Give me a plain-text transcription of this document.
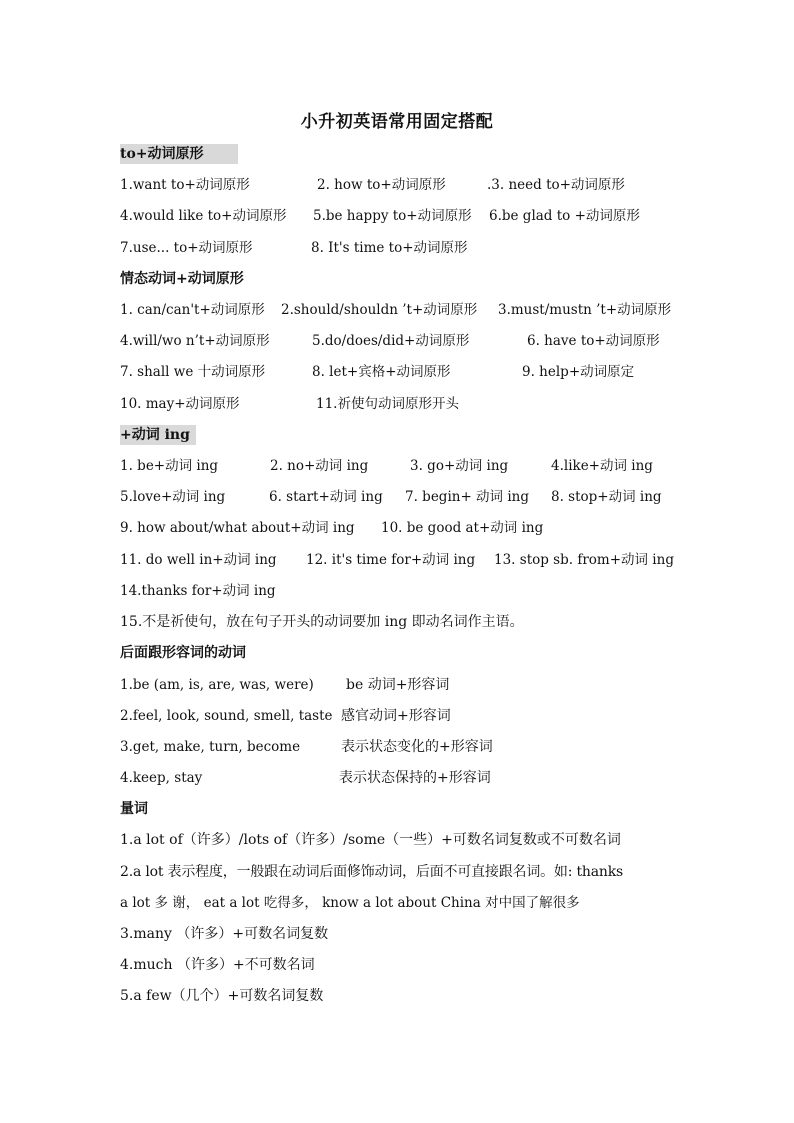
小升初英语常用固定搭配
to+动词原形
1.want to+动词原形	2. how to+动词原形	.3. need to+动词原形
4.would like to+动词原形 5.be happy to+动词原形 6.be glad to +动词原形
7.use... to+动词原形	8. It's time to+动词原形
情态动词+动词原形
1. can/can't+动词原形 2.should/shouldn ’t+动词原形 3.must/mustn ’t+动词原形
4.will/wo n’t+动词原形	5.do/does/did+动词原形	6. have to+动词原形
7. shall we 十动词原形	8. let+宾格+动词原形	9. help+动词原定
10. may+动词原形	11.祈使句动词原形开头
+动词 ing
1. be+动词 ing	2. no+动词 ing	3. go+动词 ing	4.like+动词 ing
5.love+动词 ing	6. start+动词 ing 7. begin+ 动词 ing 8. stop+动词 ing
9. how about/what about+动词 ing 10. be good at+动词 ing
11. do well in+动词 ing 12. it's time for+动词 ing 13. stop sb. from+动词 ing
14.thanks for+动词 ing
15.不是祈使句，放在句子开头的动词要加 ing 即动名词作主语。
后面跟形容词的动词
1.be (am, is, are, was, were) be 动词+形容词
2.feel, look, sound, smell, taste 感官动词+形容词
3.get, make, turn, become	表示状态变化的+形容词
4.keep, stay	表示状态保持的+形容词
量词
1.a lot of（许多）/lots of（许多）/some（一些）+可数名词复数或不可数名词
2.a lot 表示程度，一般跟在动词后面修饰动词，后面不可直接跟名词。如: thanks
a lot 多 谢， eat a lot 吃得多， know a lot about China 对中国了解很多
3.many （许多）+可数名词复数
4.much （许多）+不可数名词
5.a few（几个）+可数名词复数
